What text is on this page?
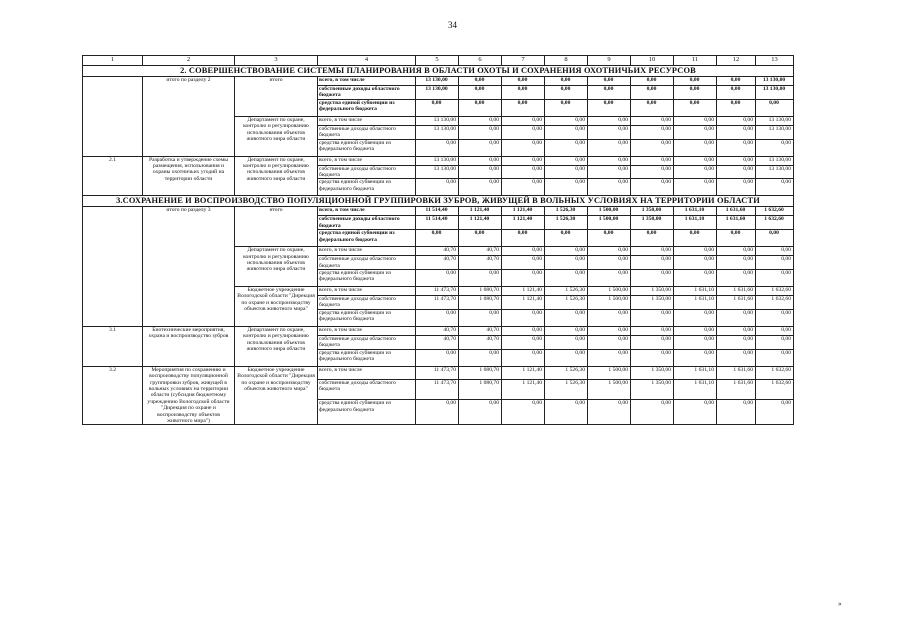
34
1	2	3	4	5	6	7	8	9	10	11	12	13
2. СОВЕРШЕНСТВОВАНИЕ СИСТЕМЫ ПЛАНИРОВАНИЯ В ОБЛАСТИ ОХОТЫ И СОХРАНЕНИЯ ОХОТНИЧЬИХ РЕСУРСОВ												
	итого по разделу 2	итого	всего, в том числе	13 130,00	0,00	0,00	0,00	0,00	0,00	0,00	0,00	13 130,00
			собственные доходы областного бюджета	13 130,00	0,00	0,00	0,00	0,00	0,00	0,00	0,00	13 130,00
			средства единой субвенции из федерального бюджета	0,00	0,00	0,00	0,00	0,00	0,00	0,00	0,00	0,00
		Департамент по охране, контролю и регулированию использования объектов животного мира области	всего, в том числе	13 130,00	0,00	0,00	0,00	0,00	0,00	0,00	0,00	13 130,00
			собственные доходы областного бюджета	13 130,00	0,00	0,00	0,00	0,00	0,00	0,00	0,00	13 130,00
			средства единой субвенции из федерального бюджета	0,00	0,00	0,00	0,00	0,00	0,00	0,00	0,00	0,00
2.1	Разработка и утверждение схемы размещения, использования и охраны охотничьих угодий на территории области	Департамент по охране, контролю и регулированию использования объектов животного мира области	всего, в том числе	13 130,00	0,00	0,00	0,00	0,00	0,00	0,00	0,00	13 130,00
			собственные доходы областного бюджета	13 130,00	0,00	0,00	0,00	0,00	0,00	0,00	0,00	13 130,00
			средства единой субвенции из федерального бюджета	0,00	0,00	0,00	0,00	0,00	0,00	0,00	0,00	0,00
3.СОХРАНЕНИЕ И ВОСПРОИЗВОДСТВО ПОПУЛЯЦИОННОЙ ГРУППИРОВКИ ЗУБРОВ, ЖИВУЩЕЙ В ВОЛЬНЫХ УСЛОВИЯХ НА ТЕРРИТОРИИ ОБЛАСТИ												
	итого по разделу 3	итого	всего, в том числе	11 514,40	1 121,40	1 121,40	1 526,30	1 500,00	1 350,00	1 631,10	1 631,60	1 632,60
			собственные доходы областного бюджета	11 514,40	1 121,40	1 121,40	1 526,30	1 500,00	1 350,00	1 631,10	1 631,60	1 632,60
			средства единой субвенции из федерального бюджета	0,00	0,00	0,00	0,00	0,00	0,00	0,00	0,00	0,00
		Департамент по охране, контролю и регулированию использования объектов животного мира области	всего, в том числе	40,70	40,70	0,00	0,00	0,00	0,00	0,00	0,00	0,00
			собственные доходы областного бюджета	40,70	40,70	0,00	0,00	0,00	0,00	0,00	0,00	0,00
			средства единой субвенции из федерального бюджета	0,00	0,00	0,00	0,00	0,00	0,00	0,00	0,00	0,00
		Бюджетное учреждение Вологодской области "Дирекция по охране и воспроизводству объектов животного мира"	всего, в том числе	11 473,70	1 080,70	1 121,40	1 526,30	1 500,00	1 350,00	1 631,10	1 631,60	1 632,60
			собственные доходы областного бюджета	11 473,70	1 080,70	1 121,40	1 526,30	1 500,00	1 350,00	1 631,10	1 631,60	1 632,60
			средства единой субвенции из федерального бюджета	0,00	0,00	0,00	0,00	0,00	0,00	0,00	0,00	0,00
3.1	Биотехнические мероприятия, охрана и воспроизводство зубров	Департамент по охране, контролю и регулированию использования объектов животного мира области	всего, в том числе	40,70	40,70	0,00	0,00	0,00	0,00	0,00	0,00	0,00
			собственные доходы областного бюджета	40,70	40,70	0,00	0,00	0,00	0,00	0,00	0,00	0,00
			средства единой субвенции из федерального бюджета	0,00	0,00	0,00	0,00	0,00	0,00	0,00	0,00	0,00
3.2	Мероприятия по сохранению и воспроизводству популяционной группировки зубров, живущей в вольных условиях на территории области (субсидия бюджетному учреждению Вологодской области "Дирекция по охране и воспроизводству объектов животного мира")	Бюджетное учреждение Вологодской области "Дирекция по охране и воспроизводству объектов животного мира"	всего, в том числе	11 473,70	1 080,70	1 121,40	1 526,30	1 500,00	1 350,00	1 631,10	1 631,60	1 632,60
			собственные доходы областного бюджета	11 473,70	1 080,70	1 121,40	1 526,30	1 500,00	1 350,00	1 631,10	1 631,60	1 632,60
			средства единой субвенции из федерального бюджета	0,00	0,00	0,00	0,00	0,00	0,00	0,00	0,00	0,00
»
